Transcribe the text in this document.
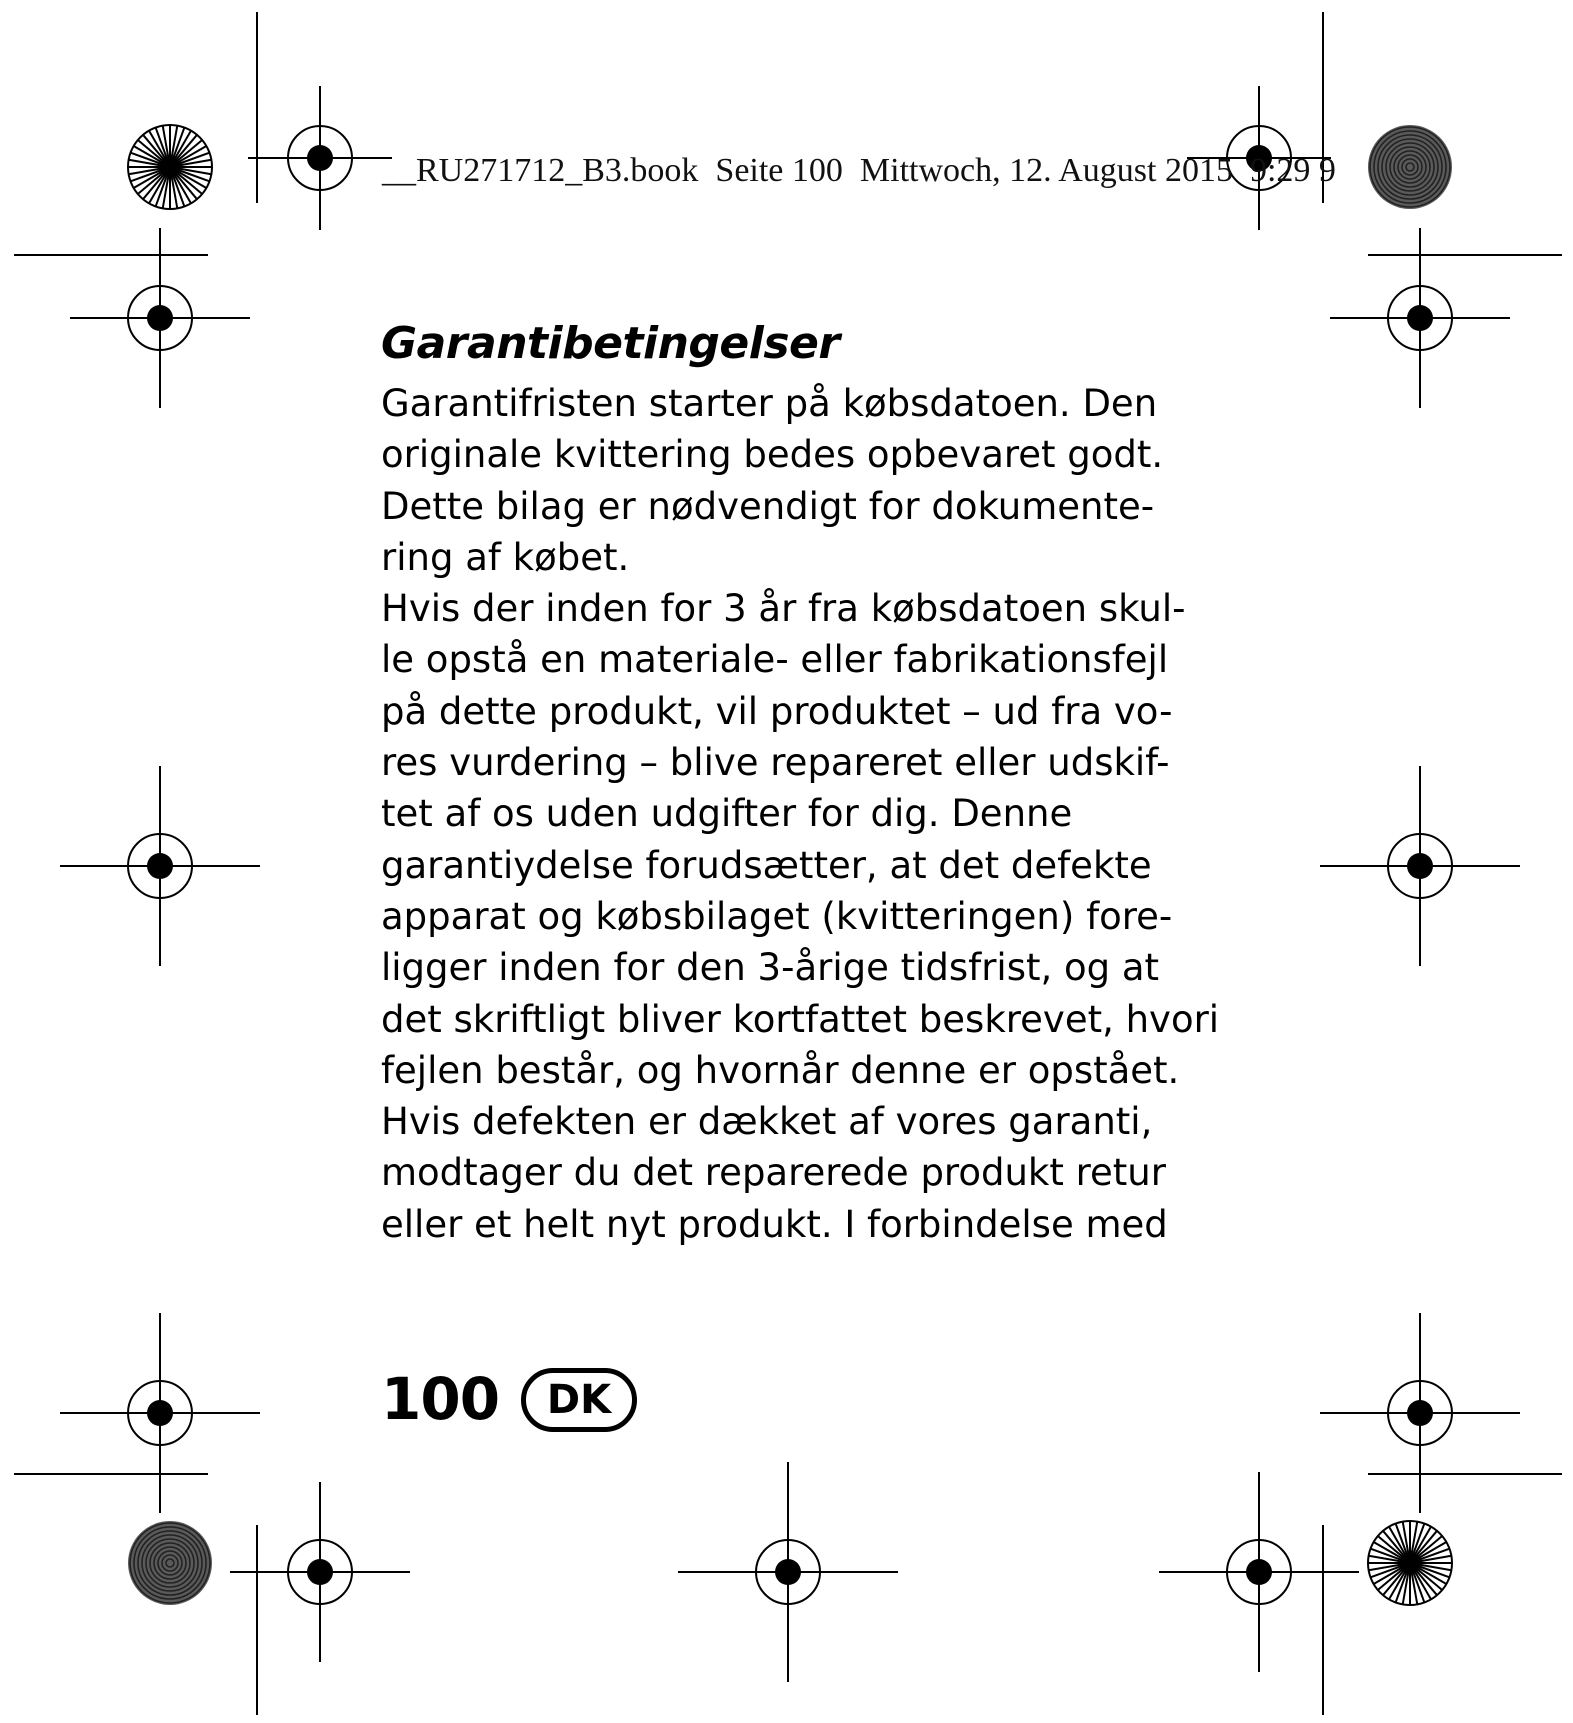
__RU271712_B3.book  Seite 100  Mittwoch, 12. August 2015  9:29 9
Garantibetingelser
Garantifristen starter på købsdatoen. Den
originale kvittering bedes opbevaret godt.
Dette bilag er nødvendigt for dokumente-
ring af købet.
Hvis der inden for 3 år fra købsdatoen skul-
le opstå en materiale- eller fabrikationsfejl
på dette produkt, vil produktet – ud fra vo-
res vurdering – blive repareret eller udskif-
tet af os uden udgifter for dig. Denne
garantiydelse forudsætter, at det defekte
apparat og købsbilaget (kvitteringen) fore-
ligger inden for den 3-årige tidsfrist, og at
det skriftligt bliver kortfattet beskrevet, hvori
fejlen består, og hvornår denne er opstået.
Hvis defekten er dækket af vores garanti,
modtager du det reparerede produkt retur
eller et helt nyt produkt. I forbindelse med
100 DK
